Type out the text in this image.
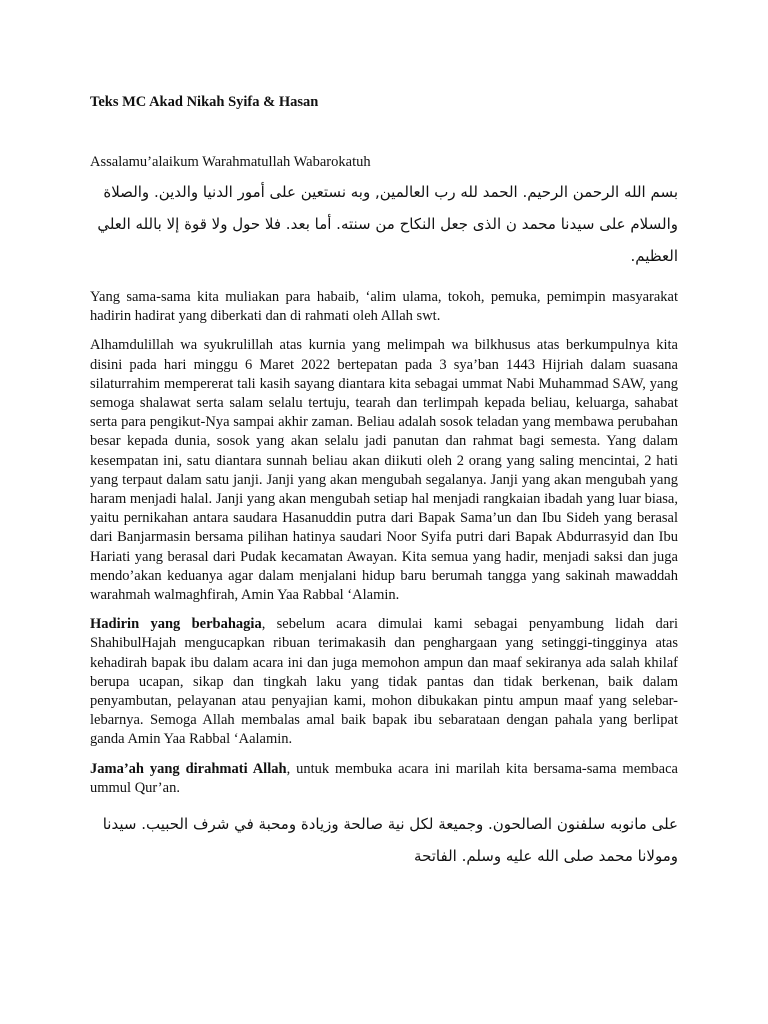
Teks MC Akad Nikah Syifa & Hasan

Assalamu’alaikum Warahmatullah Wabarokatuh

بسم الله الرحمن الرحيم. الحمد لله رب العالمين, وبه نستعين على أمور الدنيا والدين. والصلاة والسلام على سيدنا محمد ن الذى جعل النكاح من سنته. أما بعد. فلا حول ولا قوة إلا بالله العلي العظيم.

Yang sama-sama kita muliakan para habaib, ‘alim ulama, tokoh, pemuka, pemimpin masyarakat hadirin hadirat yang diberkati dan di rahmati oleh Allah swt.

Alhamdulillah wa syukrulillah atas kurnia yang melimpah wa bilkhusus atas berkumpulnya kita disini pada hari minggu 6 Maret 2022 bertepatan pada 3 sya’ban 1443 Hijriah dalam suasana silaturrahim mempererat tali kasih sayang diantara kita sebagai ummat Nabi Muhammad SAW, yang semoga shalawat serta salam selalu tertuju, tearah dan terlimpah kepada beliau, keluarga, sahabat serta para pengikut-Nya sampai akhir zaman. Beliau adalah sosok teladan yang membawa perubahan besar kepada dunia, sosok yang akan selalu jadi panutan dan rahmat bagi semesta. Yang dalam kesempatan ini, satu diantara sunnah beliau akan diikuti oleh 2 orang yang saling mencintai, 2 hati yang terpaut dalam satu janji. Janji yang akan mengubah segalanya. Janji yang akan mengubah yang haram menjadi halal. Janji yang akan mengubah setiap hal menjadi rangkaian ibadah yang luar biasa, yaitu pernikahan antara saudara Hasanuddin putra dari Bapak Sama’un dan Ibu Sideh yang berasal dari Banjarmasin bersama pilihan hatinya saudari Noor Syifa putri dari Bapak Abdurrasyid dan Ibu Hariati yang berasal dari Pudak kecamatan Awayan. Kita semua yang hadir, menjadi saksi dan juga mendo’akan keduanya agar dalam menjalani hidup baru berumah tangga yang sakinah mawaddah warahmah walmaghfirah, Amin Yaa Rabbal ‘Alamin.

Hadirin yang berbahagia, sebelum acara dimulai kami sebagai penyambung lidah dari ShahibulHajah mengucapkan ribuan terimakasih dan penghargaan yang setinggi-tingginya atas kehadirah bapak ibu dalam acara ini dan juga memohon ampun dan maaf sekiranya ada salah khilaf berupa ucapan, sikap dan tingkah laku yang tidak pantas dan tidak berkenan, baik dalam penyambutan, pelayanan atau penyajian kami, mohon dibukakan pintu ampun maaf yang selebar-lebarnya. Semoga Allah membalas amal baik bapak ibu sebarataan dengan pahala yang berlipat ganda Amin Yaa Rabbal ‘Aalamin.

Jama’ah yang dirahmati Allah, untuk membuka acara ini marilah kita bersama-sama membaca ummul Qur’an.

على مانوبه سلفنون الصالحون. وجميعة لكل نية صالحة وزيادة ومحبة في شرف الحبيب. سيدنا ومولانا محمد صلى الله عليه وسلم. الفاتحة
